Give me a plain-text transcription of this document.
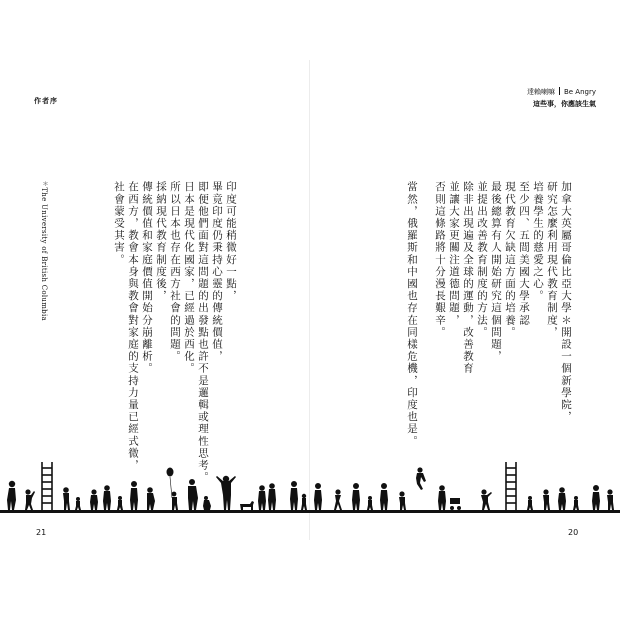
作者序
達賴喇嘛 Be Angry
這些事，你應該生氣
印度可能稍微好一點，
畢竟印度仍秉持心靈的傳統價值，
即便他們面對這問題的出發點也許不是邏輯或理性思考。
日本是現代化國家，已經過於西化。
所以日本也存在西方社會的問題。
採納現代教育制度後，
傳統價值和家庭價值開始分崩離析。
在西方，教會本身與教會對家庭的支持力量已經式微，
社會蒙受其害。
＊The University of British Columbia	加拿大英屬哥倫比亞大學＊開設一個新學院，
研究怎麼利用現代教育制度，
培養學生的慈愛之心。
至少四、五間美國大學承認
現代教育欠缺這方面的培養。
最後總算有人開始研究這個問題，
並提出改善教育制度的方法。
除非出現遍及全球的運動，改善教育
並讓大家更關注道德問題，
否則這條路將十分漫長艱辛。
當然，俄羅斯和中國也存在同樣危機，印度也是。
21	20
